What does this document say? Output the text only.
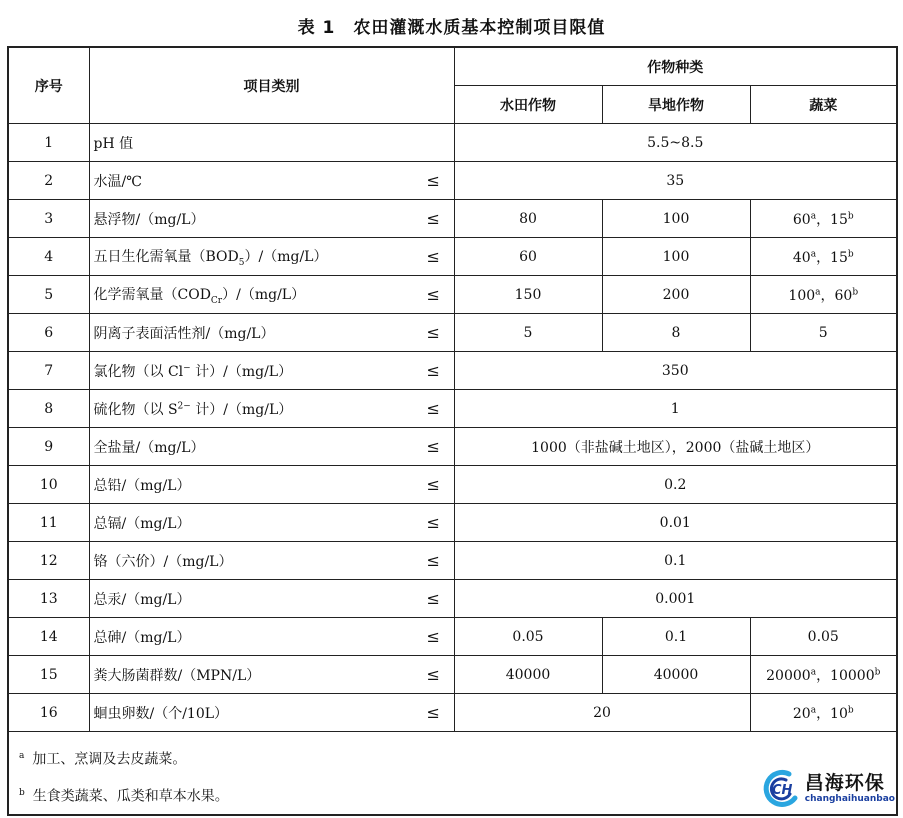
表 1　农田灌溉水质基本控制项目限值
序号	项目类别		作物种类		
			水田作物	旱地作物	蔬菜
1	pH 值		5.5~8.5		
2	水温/℃	≤	35		
3	悬浮物/（mg/L）	≤	80	100	60$^a$，15$^b$
4	五日生化需氧量$(BOD_5)/(mg/L)$	≤	60	100	40$^a$，15$^b$
5	化学需氧量$(COD_{Cr})/(mg/L)$	≤	150	200	100$^a$，60$^b$
6	阴离子表面活性剂/（mg/L）	≤	5	8	5
7	氯化物（以 Cl− 计）/（mg/L）	≤	350		
8	硫化物（以 $S^{2-}$ 计）/（mg/L）	≤	1		
9	全盐量/（mg/L）	≤	1000（非盐碱土地区），2000（盐碱土地区）		
10	总铅/（mg/L）	≤	0.2		
11	总镉/（mg/L）	≤	0.01		
12	铬（六价）/（mg/L）	≤	0.1		
13	总汞/（mg/L）	≤	0.001		
14	总砷/（mg/L）	≤	0.05	0.1	0.05
15	粪大肠菌群数/（MPN/L）	≤	40000	40000	20000$^a$，10000$^b$
16	蛔虫卵数/（个/10L）	≤	20		20$^a$，10$^b$

$^a$ 加工、烹调及去皮蔬菜。
$^b$ 生食类蔬菜、瓜类和草本水果。						CH 昌海环保
changhaihuanbao
